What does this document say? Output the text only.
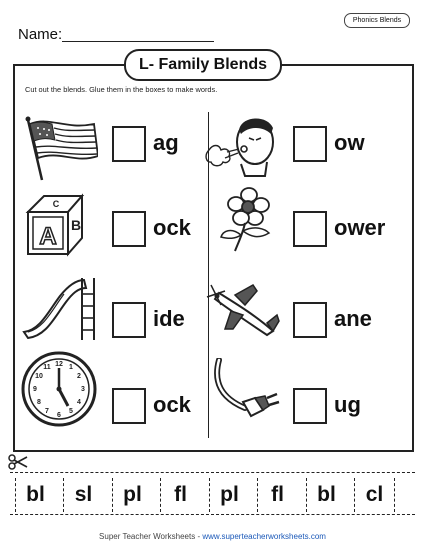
Name:
Phonics Blends
L- Family Blends
Cut out the blends. Glue them in the boxes to make words.
ag	ow
A B
C
ock	ower
ide	ane
12 1
2
3
4
5
6
7
8
9
10
11
ock	ug
bl	sl	pl	fl	pl	fl	bl	cl
Super Teacher Worksheets - www.superteacherworksheets.com
